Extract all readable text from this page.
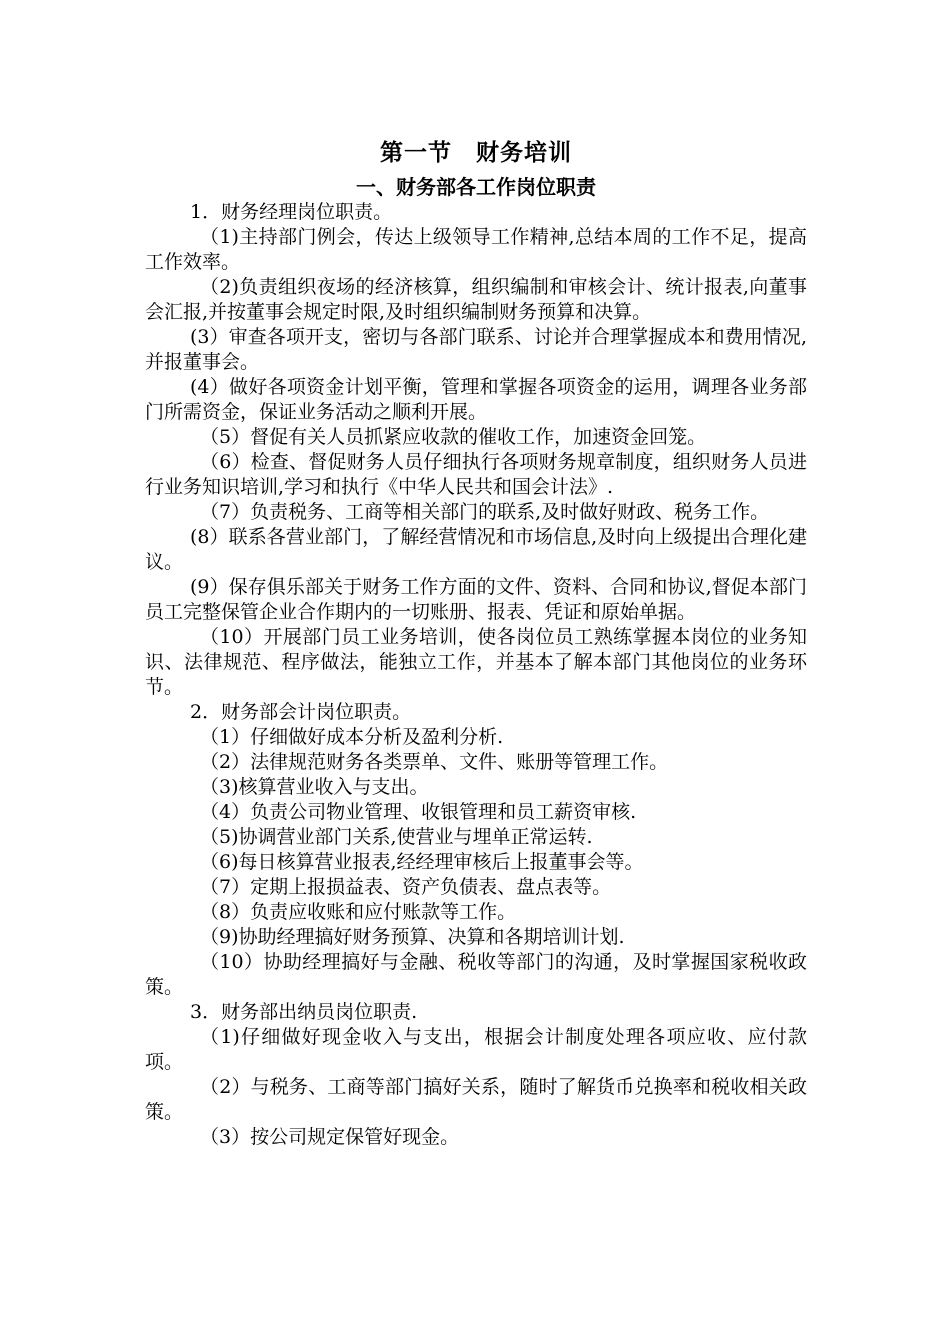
第一节　财务培训
一、财务部各工作岗位职责

1．财务经理岗位职责。

（1)主持部门例会，传达上级领导工作精神,总结本周的工作不足，提高工作效率。

（2)负责组织夜场的经济核算，组织编制和审核会计、统计报表,向董事会汇报,并按董事会规定时限,及时组织编制财务预算和决算。

(3）审查各项开支，密切与各部门联系、讨论并合理掌握成本和费用情况,并报董事会。

(4）做好各项资金计划平衡，管理和掌握各项资金的运用，调理各业务部门所需资金，保证业务活动之顺利开展。

（5）督促有关人员抓紧应收款的催收工作，加速资金回笼。

（6）检查、督促财务人员仔细执行各项财务规章制度，组织财务人员进行业务知识培训,学习和执行《中华人民共和国会计法》.

（7）负责税务、工商等相关部门的联系,及时做好财政、税务工作。

(8）联系各营业部门，了解经营情况和市场信息,及时向上级提出合理化建议。

(9）保存俱乐部关于财务工作方面的文件、资料、合同和协议,督促本部门员工完整保管企业合作期内的一切账册、报表、凭证和原始单据。

（10）开展部门员工业务培训，使各岗位员工熟练掌握本岗位的业务知识、法律规范、程序做法，能独立工作，并基本了解本部门其他岗位的业务环节。

2．财务部会计岗位职责。

（1）仔细做好成本分析及盈利分析.

（2）法律规范财务各类票单、文件、账册等管理工作。

（3)核算营业收入与支出。

（4）负责公司物业管理、收银管理和员工薪资审核.

（5)协调营业部门关系,使营业与埋单正常运转.

（6)每日核算营业报表,经经理审核后上报董事会等。

（7）定期上报损益表、资产负债表、盘点表等。

（8）负责应收账和应付账款等工作。

（9)协助经理搞好财务预算、决算和各期培训计划.

（10）协助经理搞好与金融、税收等部门的沟通，及时掌握国家税收政策。

3．财务部出纳员岗位职责.

（1)仔细做好现金收入与支出，根据会计制度处理各项应收、应付款项。

（2）与税务、工商等部门搞好关系，随时了解货币兑换率和税收相关政策。

（3）按公司规定保管好现金。
